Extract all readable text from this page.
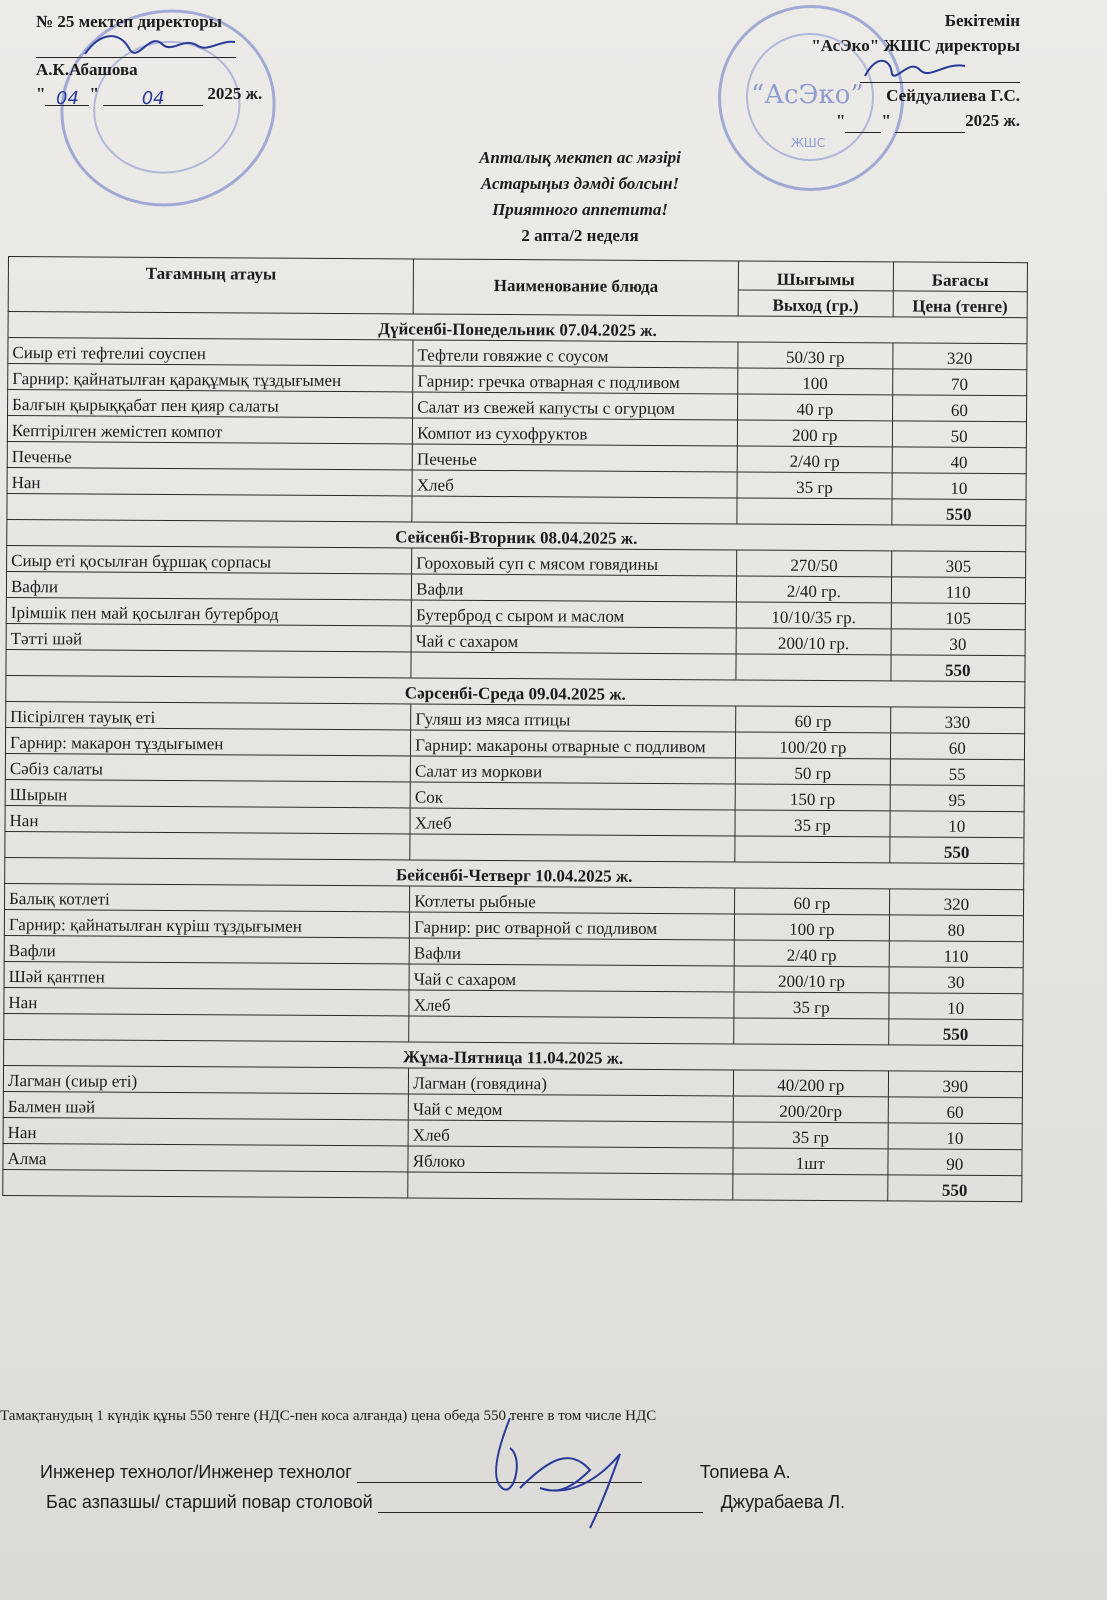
№ 25 мектеп директоры
А.К.Абашова
" 04 " 04	2025 ж.	“АсЭко”
ЖШС
Бекітемін
"АсЭко" ЖШС директоры
Сейдуалиева Г.С.
" "	2025 ж.
Апталық мектеп ас мәзірі
Астарыңыз дәмді болсын!
Приятного аппетита!
2 апта/2 неделя
Тағамның атауы	Наименование блюда	Шығымы	Бағасы
		Выход (гр.)	Цена (тенге)
Дүйсенбі-Понедельник 07.04.2025 ж.			
Сиыр еті тефтелиі соуспен	Тефтели говяжие с соусом	50/30 гр	320
Гарнир: қайнатылған қарақұмық тұздығымен	Гарнир: гречка отварная с подливом	100	70
Балғын қырыққабат пен қияр салаты	Салат из свежей капусты с огурцом	40 гр	60
Кептірілген жемістеп компот	Компот из сухофруктов	200 гр	50
Печенье	Печенье	2/40 гр	40
Нан	Хлеб	35 гр	10
			550
Сейсенбі-Вторник 08.04.2025 ж.			
Сиыр еті қосылған бұршақ сорпасы	Гороховый суп с мясом говядины	270/50	305
Вафли	Вафли	2/40 гр.	110
Ірімшік пен май қосылған бутерброд	Бутерброд с сыром и маслом	10/10/35 гр.	105
Тәтті шәй	Чай с сахаром	200/10 гр.	30
			550
Сәрсенбі-Среда 09.04.2025 ж.			
Пісірілген тауық еті	Гуляш из мяса птицы	60 гр	330
Гарнир: макарон тұздығымен	Гарнир: макароны отварные с подливом	100/20 гр	60
Сәбіз салаты	Салат из моркови	50 гр	55
Шырын	Сок	150 гр	95
Нан	Хлеб	35 гр	10
			550
Бейсенбі-Четверг 10.04.2025 ж.			
Балық котлеті	Котлеты рыбные	60 гр	320
Гарнир: қайнатылған күріш тұздығымен	Гарнир: рис отварной с подливом	100 гр	80
Вафли	Вафли	2/40 гр	110
Шәй қантпен	Чай с сахаром	200/10 гр	30
Нан	Хлеб	35 гр	10
			550
Жұма-Пятница 11.04.2025 ж.			
Лагман (сиыр еті)	Лагман (говядина)	40/200 гр	390
Балмен шәй	Чай с медом	200/20гр	60
Нан	Хлеб	35 гр	10
Алма	Яблоко	1шт	90
			550
Тамақтанудың 1 күндік құны 550 тенге (НДС-пен коса алғанда) цена обеда 550 тенге в том числе НДС
Инженер технолог/Инженер технолог	Топиева А.
Бас азпазшы/ старший повар столовой	Джурабаева Л.
